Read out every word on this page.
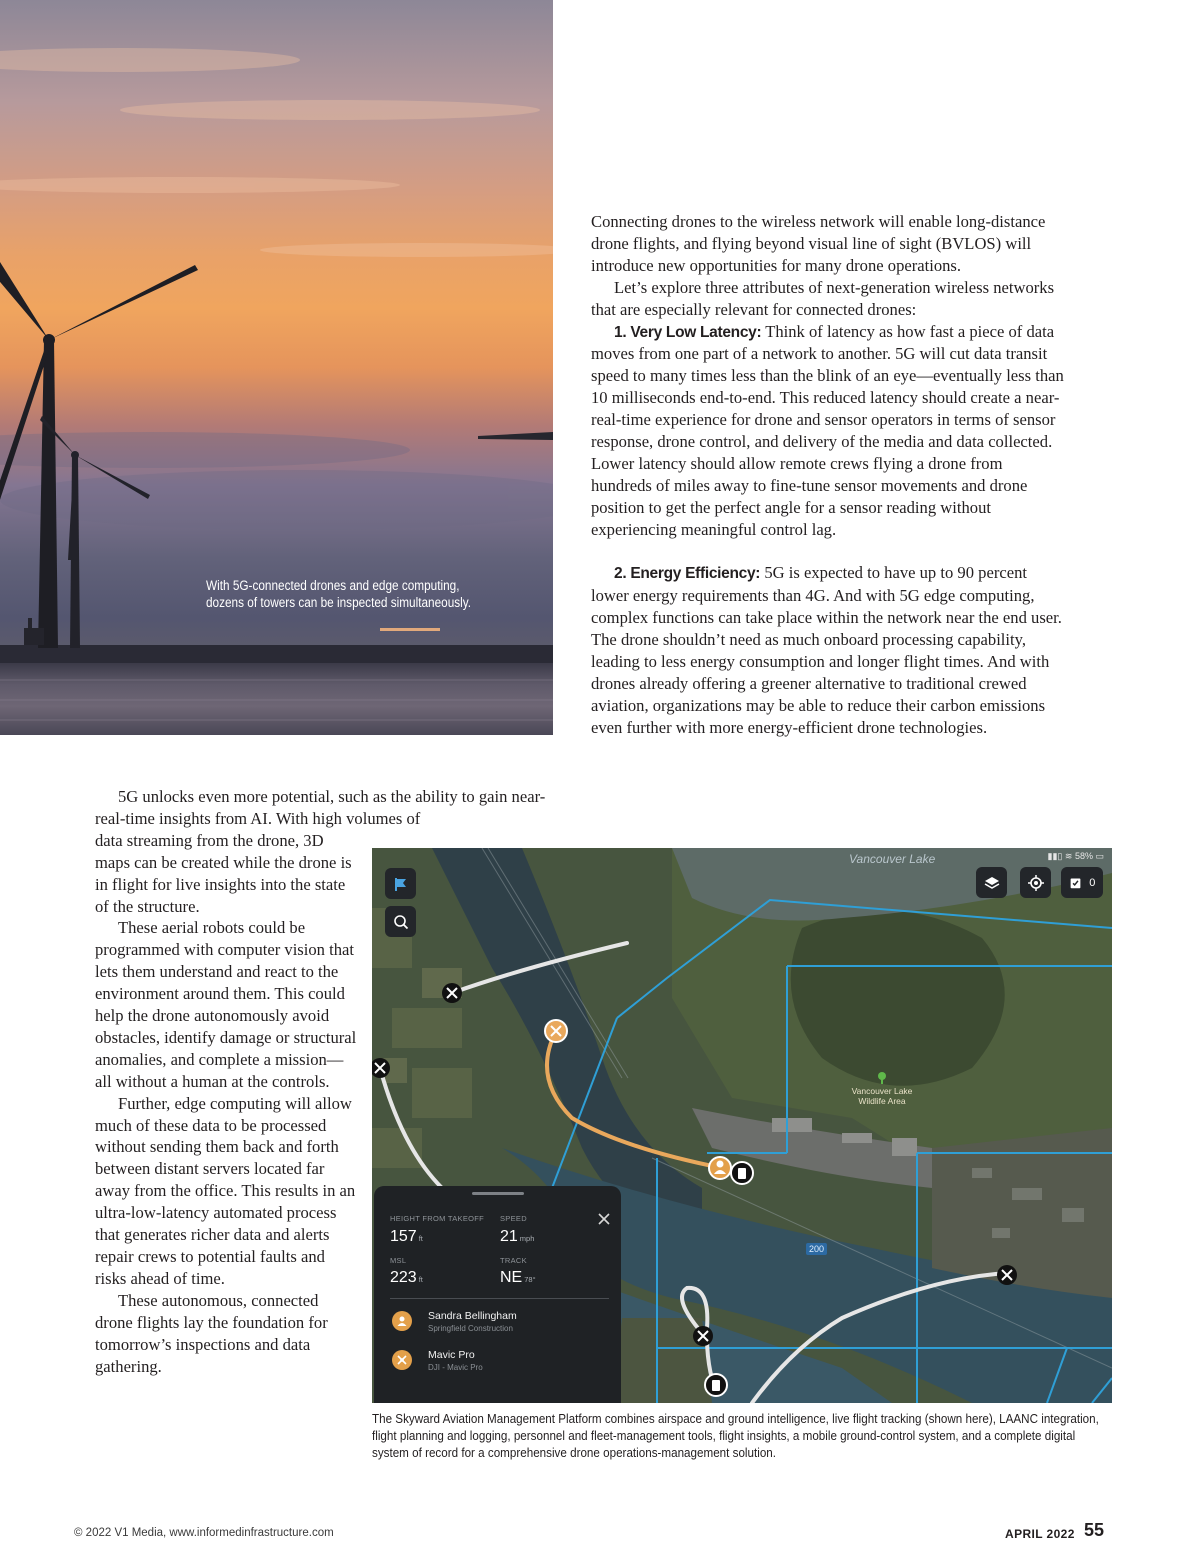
With 5G-connected drones and edge computing,
dozens of towers can be inspected simultaneously.

Connecting drones to the wireless network will enable long-distance drone flights, and flying beyond visual line of sight (BVLOS) will introduce new opportunities for many drone operations.

Let’s explore three attributes of next-generation wireless networks that are especially relevant for connected drones:

1. Very Low Latency: Think of latency as how fast a piece of data moves from one part of a network to another. 5G will cut data transit speed to many times less than the blink of an eye—eventually less than 10 milliseconds end-to-end. This reduced latency should create a near-real-time experience for drone and sensor operators in terms of sensor response, drone control, and delivery of the media and data collected. Lower latency should allow remote crews flying a drone from hundreds of miles away to fine-tune sensor movements and drone position to get the perfect angle for a sensor reading without experiencing meaningful control lag.

2. Energy Efficiency: 5G is expected to have up to 90 percent lower energy requirements than 4G. And with 5G edge computing, complex functions can take place within the network near the end user. The drone shouldn’t need as much onboard processing capability, leading to less energy consumption and longer flight times. And with drones already offering a greener alternative to traditional crewed aviation, organizations may be able to reduce their carbon emissions even further with more energy-efficient drone technologies.

5G unlocks even more potential, such as the ability to gain near-real-time insights from AI. With high volumes of

data streaming from the drone, 3D maps can be created while the drone is in flight for live insights into the state of the structure.

These aerial robots could be programmed with computer vision that lets them understand and react to the environment around them. This could help the drone autonomously avoid obstacles, identify damage or structural anomalies, and complete a mission—all without a human at the controls.

Further, edge computing will allow much of these data to be processed without sending them back and forth between distant servers located far away from the office. This results in an ultra-low-latency automated process that generates richer data and alerts repair crews to potential faults and risks ahead of time.

These autonomous, connected drone flights lay the foundation for tomorrow’s inspections and data gathering.

Vancouver Lake
Vancouver Lake
Wildlife Area
200
▮▮▯ ≋ 58% ▭
0
HEIGHT FROM TAKEOFF
157 ft
SPEED
21 mph
MSL
223 ft
TRACK
NE 78°
Sandra Bellingham
Springfield Construction
Mavic Pro
DJI - Mavic Pro
The Skyward Aviation Management Platform combines airspace and ground intelligence, live flight tracking (shown here), LAANC integration, flight planning and logging, personnel and fleet-management tools, flight insights, a mobile ground-control system, and a complete digital system of record for a comprehensive drone operations-management solution.
© 2022 V1 Media, www.informedinfrastructure.com	APRIL 2022 55
